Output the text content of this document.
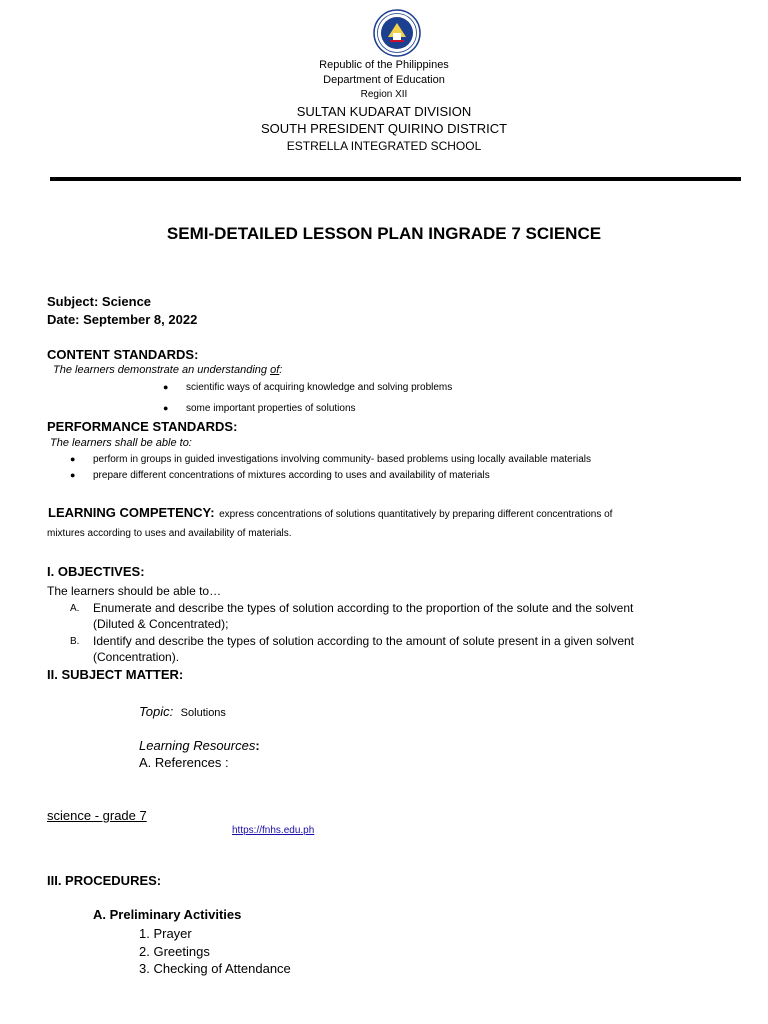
Republic of the Philippines
Department of Education
Region XII
SULTAN KUDARAT DIVISION
SOUTH PRESIDENT QUIRINO DISTRICT
ESTRELLA INTEGRATED SCHOOL
SEMI-DETAILED LESSON PLAN INGRADE 7 SCIENCE
Subject: Science
Date: September 8, 2022
CONTENT STANDARDS:
The learners demonstrate an understanding of:
● scientific ways of acquiring knowledge and solving problems
● some important properties of solutions
PERFORMANCE STANDARDS:
The learners shall be able to:
● perform in groups in guided investigations involving community- based problems using locally available materials
● prepare different concentrations of mixtures according to uses and availability of materials
LEARNING COMPETENCY: express concentrations of solutions quantitatively by preparing different concentrations of
mixtures according to uses and availability of materials.
I. OBJECTIVES:
The learners should be able to…
A. Enumerate and describe the types of solution according to the proportion of the solute and the solvent
(Diluted & Concentrated);
B. Identify and describe the types of solution according to the amount of solute present in a given solvent
(Concentration).
II. SUBJECT MATTER:
Topic: Solutions
Learning Resources:
A. References :
science - grade 7
https://fnhs.edu.ph
III. PROCEDURES:
A. Preliminary Activities
1. Prayer
2. Greetings
3. Checking of Attendance
